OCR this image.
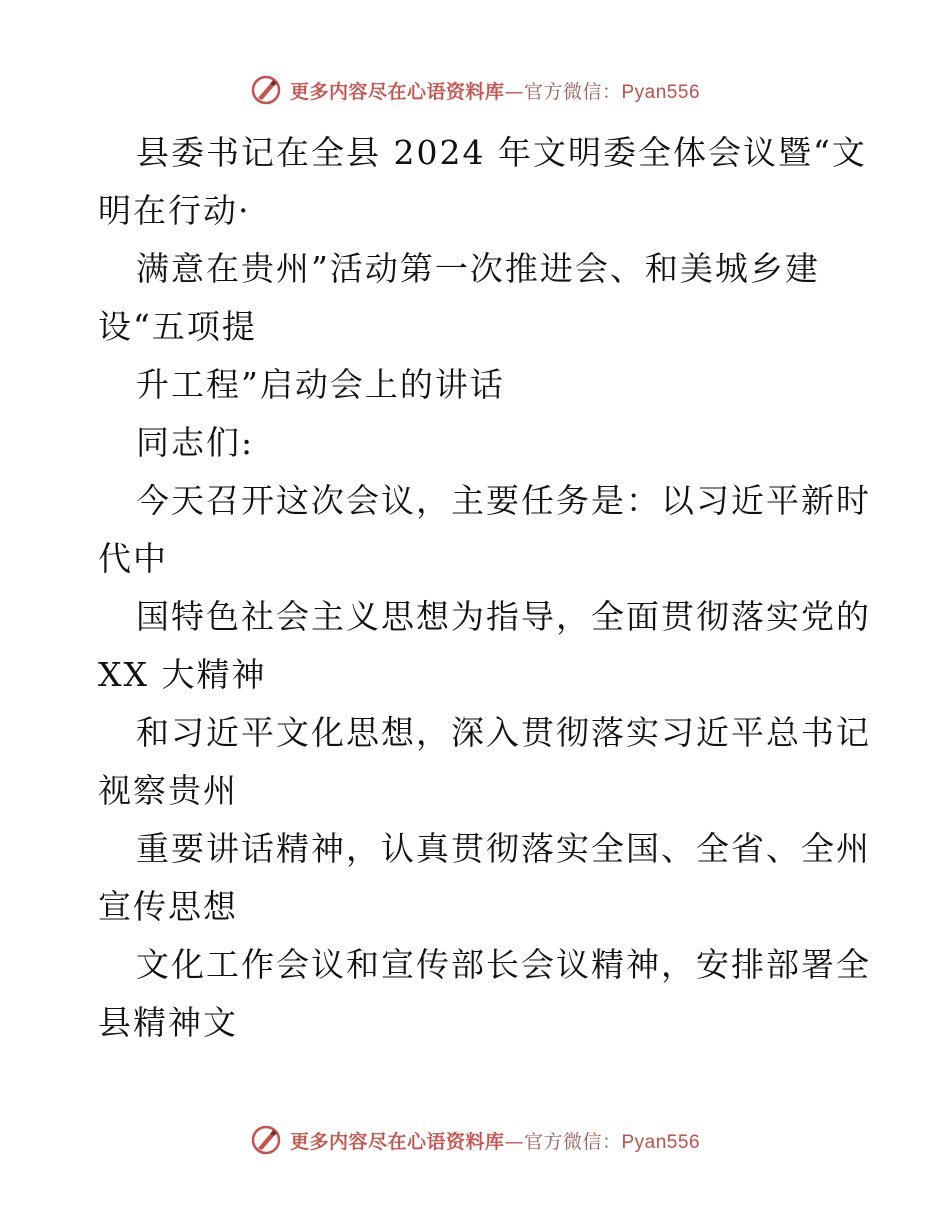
更多内容尽在心语资料库—官方微信：Pyan556
县委书记在全县 2024 年文明委全体会议暨“文
明在行动·
满意在贵州”活动第一次推进会、和美城乡建
设“五项提
升工程”启动会上的讲话
同志们:
今天召开这次会议，主要任务是：以习近平新时
代中
国特色社会主义思想为指导，全面贯彻落实党的
XX 大精神
和习近平文化思想，深入贯彻落实习近平总书记
视察贵州
重要讲话精神，认真贯彻落实全国、全省、全州
宣传思想
文化工作会议和宣传部长会议精神，安排部署全
县精神文
更多内容尽在心语资料库—官方微信：Pyan556
